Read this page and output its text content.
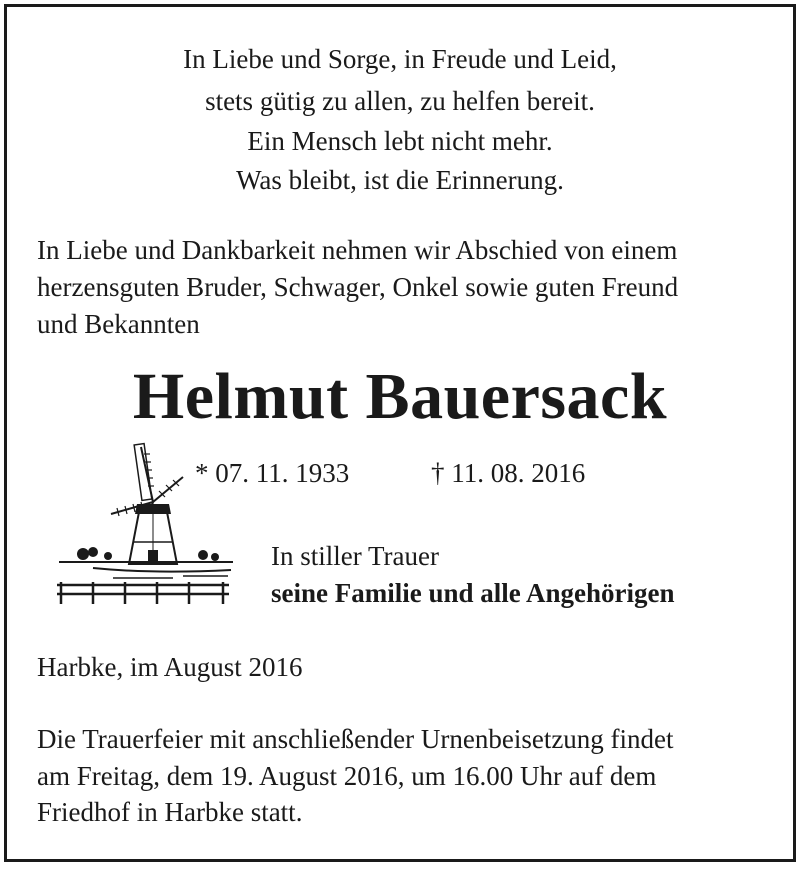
In Liebe und Sorge, in Freude und Leid,
stets gütig zu allen, zu helfen bereit.
Ein Mensch lebt nicht mehr.
Was bleibt, ist die Erinnerung.
In Liebe und Dankbarkeit nehmen wir Abschied von einem
herzensguten Bruder, Schwager, Onkel sowie guten Freund
und Bekannten
Helmut Bauersack
* 07. 11. 1933	† 11. 08. 2016
In stiller Trauer
seine Familie und alle Angehörigen
Harbke, im August 2016
Die Trauerfeier mit anschließender Urnenbeisetzung findet
am Freitag, dem 19. August 2016, um 16.00 Uhr auf dem
Friedhof in Harbke statt.
